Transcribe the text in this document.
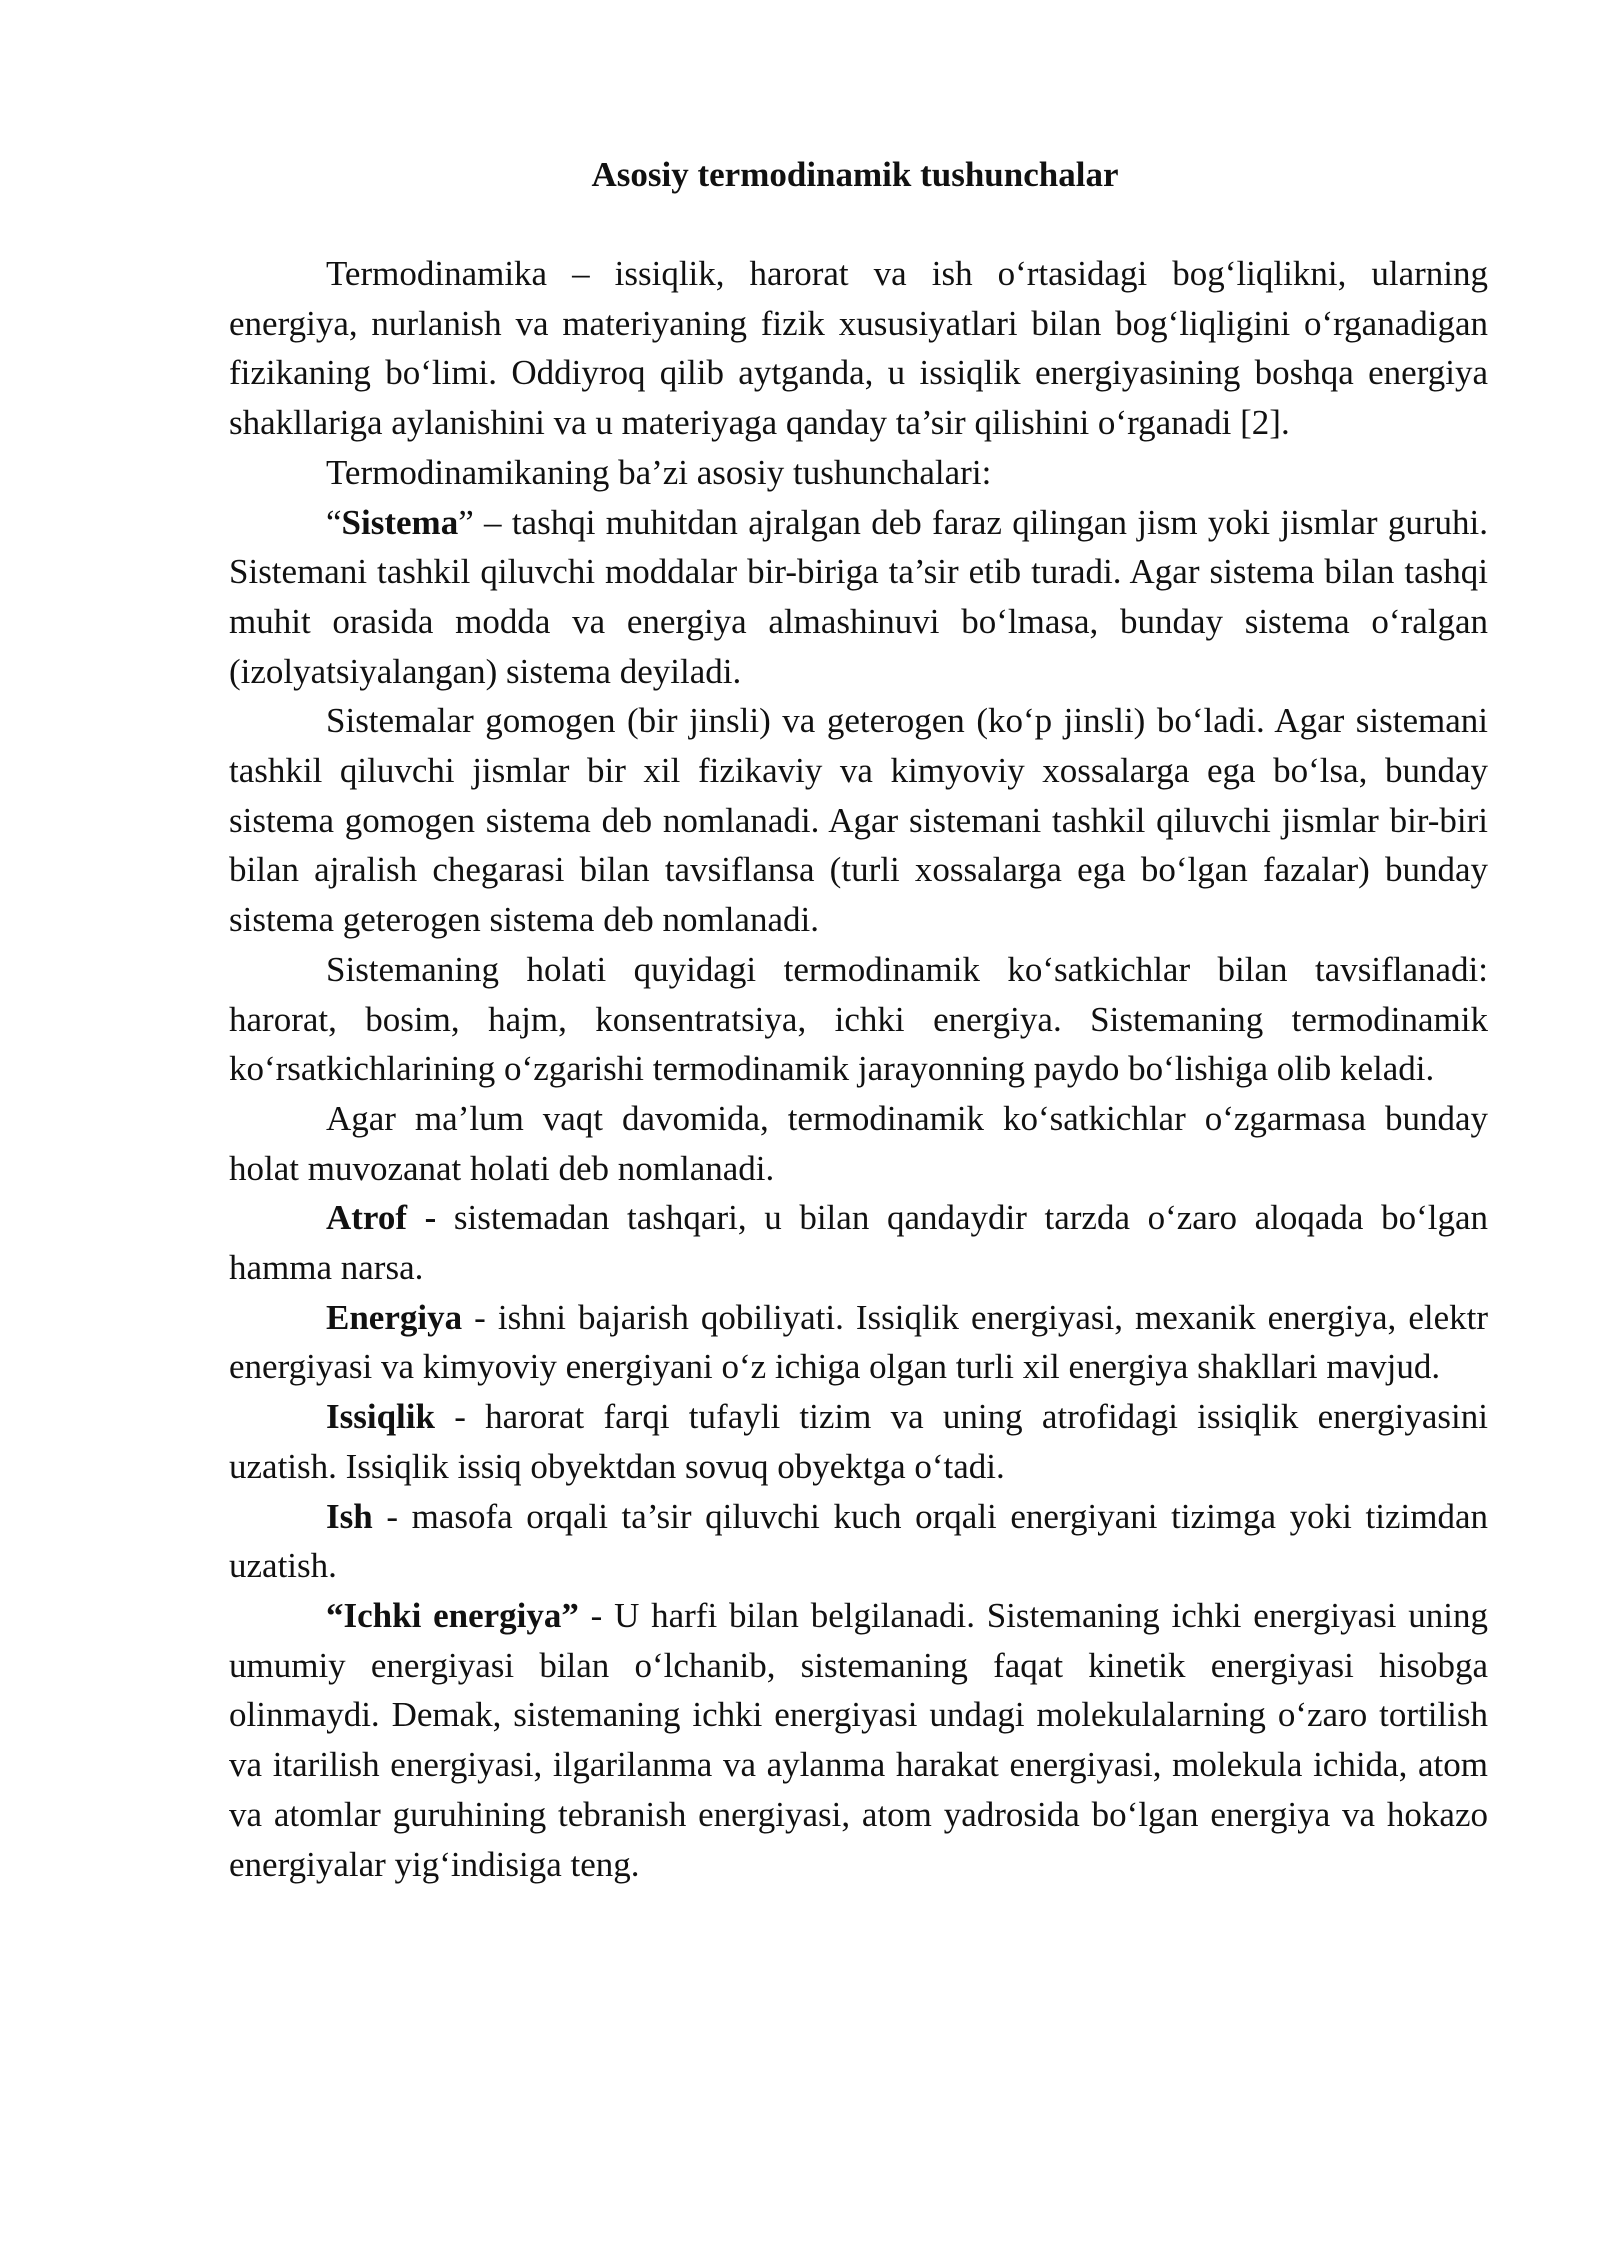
Asosiy termodinamik tushunchalar

Termodinamika – issiqlik, harorat va ish o‘rtasidagi bog‘liqlikni, ularning energiya, nurlanish va materiyaning fizik xususiyatlari bilan bog‘liqligini o‘rganadigan fizikaning bo‘limi. Oddiyroq qilib aytganda, u issiqlik energiyasining boshqa energiya shakllariga aylanishini va u materiyaga qanday ta’sir qilishini o‘rganadi [2].

Termodinamikaning ba’zi asosiy tushunchalari:

“Sistema” – tashqi muhitdan ajralgan deb faraz qilingan jism yoki jismlar guruhi. Sistemani tashkil qiluvchi moddalar bir-biriga ta’sir etib turadi. Agar sistema bilan tashqi muhit orasida modda va energiya almashinuvi bo‘lmasa, bunday sistema o‘ralgan (izolyatsiyalangan) sistema deyiladi.

Sistemalar gomogen (bir jinsli) va geterogen (ko‘p jinsli) bo‘ladi. Agar sistemani tashkil qiluvchi jismlar bir xil fizikaviy va kimyoviy xossalarga ega bo‘lsa, bunday sistema gomogen sistema deb nomlanadi. Agar sistemani tashkil qiluvchi jismlar bir-biri bilan ajralish chegarasi bilan tavsiflansa (turli xossalarga ega bo‘lgan fazalar) bunday sistema geterogen sistema deb nomlanadi.

Sistemaning holati quyidagi termodinamik ko‘satkichlar bilan tavsiflanadi: harorat, bosim, hajm, konsentratsiya, ichki energiya. Sistemaning termodinamik ko‘rsatkichlarining o‘zgarishi termodinamik jarayonning paydo bo‘lishiga olib keladi.

Agar ma’lum vaqt davomida, termodinamik ko‘satkichlar o‘zgarmasa bunday holat muvozanat holati deb nomlanadi.

Atrof - sistemadan tashqari, u bilan qandaydir tarzda o‘zaro aloqada bo‘lgan hamma narsa.

Energiya - ishni bajarish qobiliyati. Issiqlik energiyasi, mexanik energiya, elektr energiyasi va kimyoviy energiyani o‘z ichiga olgan turli xil energiya shakllari mavjud.

Issiqlik - harorat farqi tufayli tizim va uning atrofidagi issiqlik energiyasini uzatish. Issiqlik issiq obyektdan sovuq obyektga o‘tadi.

Ish - masofa orqali ta’sir qiluvchi kuch orqali energiyani tizimga yoki tizimdan uzatish.

“Ichki energiya” - U harfi bilan belgilanadi. Sistemaning ichki energiyasi uning umumiy energiyasi bilan o‘lchanib, sistemaning faqat kinetik energiyasi hisobga olinmaydi. Demak, sistemaning ichki energiyasi undagi molekulalarning o‘zaro tortilish va itarilish energiyasi, ilgarilanma va aylanma harakat energiyasi, molekula ichida, atom va atomlar guruhining tebranish energiyasi, atom yadrosida bo‘lgan energiya va hokazo energiyalar yig‘indisiga teng.
